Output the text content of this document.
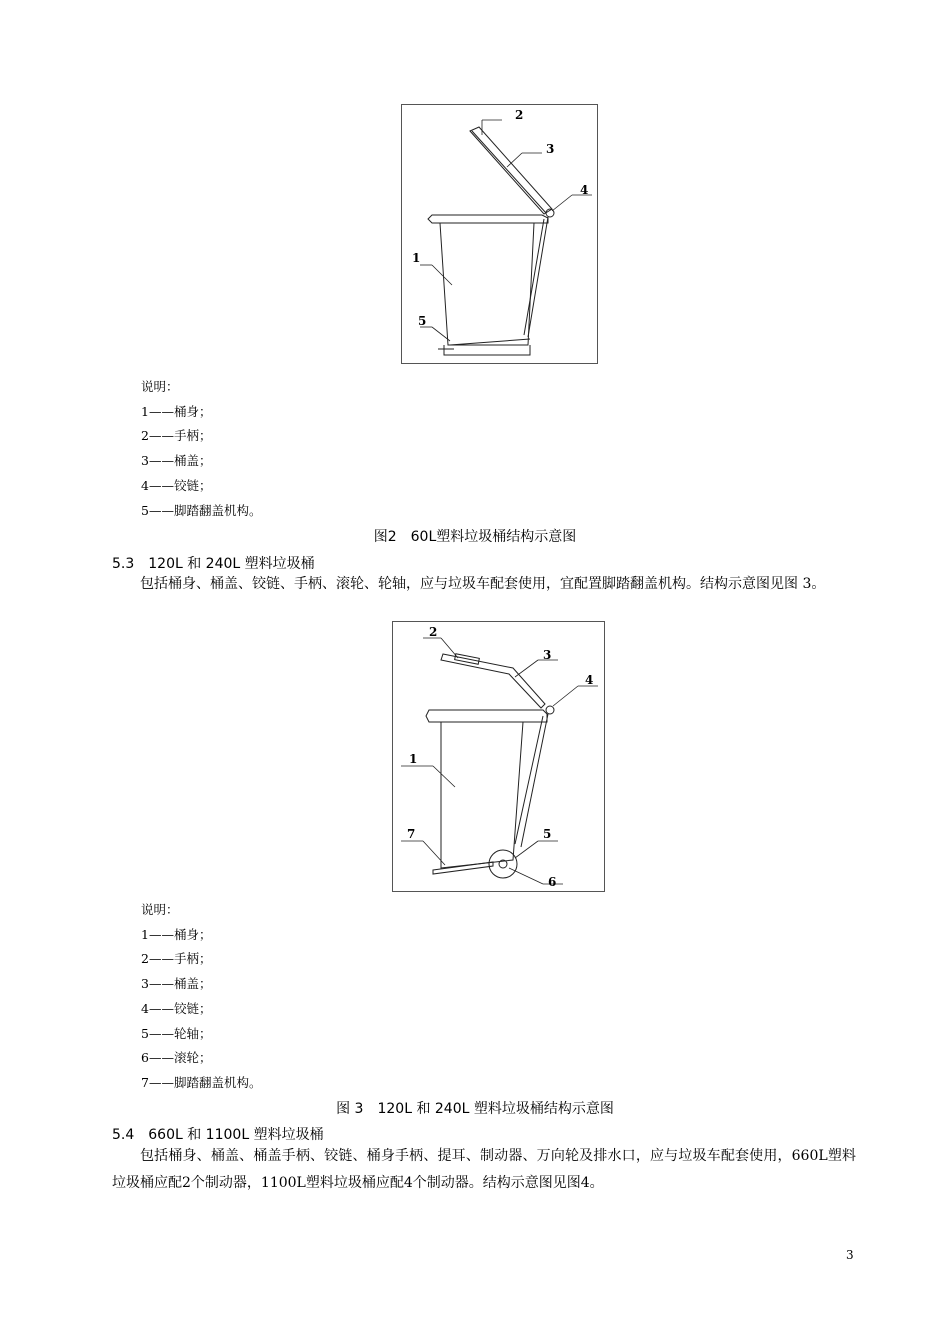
2
3
4
1
5
说明：
1——桶身；
2——手柄；
3——桶盖；
4——铰链；
5——脚踏翻盖机构。
图2　60L塑料垃圾桶结构示意图
5.3　120L 和 240L 塑料垃圾桶
包括桶身、桶盖、铰链、手柄、滚轮、轮轴，应与垃圾车配套使用，宜配置脚踏翻盖机构。结构示意图见图 3。
2
3
4
1
7	5
6
说明：
1——桶身；
2——手柄；
3——桶盖；
4——铰链；
5——轮轴；
6——滚轮；
7——脚踏翻盖机构。
图 3　120L 和 240L 塑料垃圾桶结构示意图
5.4　660L 和 1100L 塑料垃圾桶
包括桶身、桶盖、桶盖手柄、铰链、桶身手柄、提耳、制动器、万向轮及排水口，应与垃圾车配套使用，660L塑料垃圾桶应配2个制动器，1100L塑料垃圾桶应配4个制动器。结构示意图见图4。
3
